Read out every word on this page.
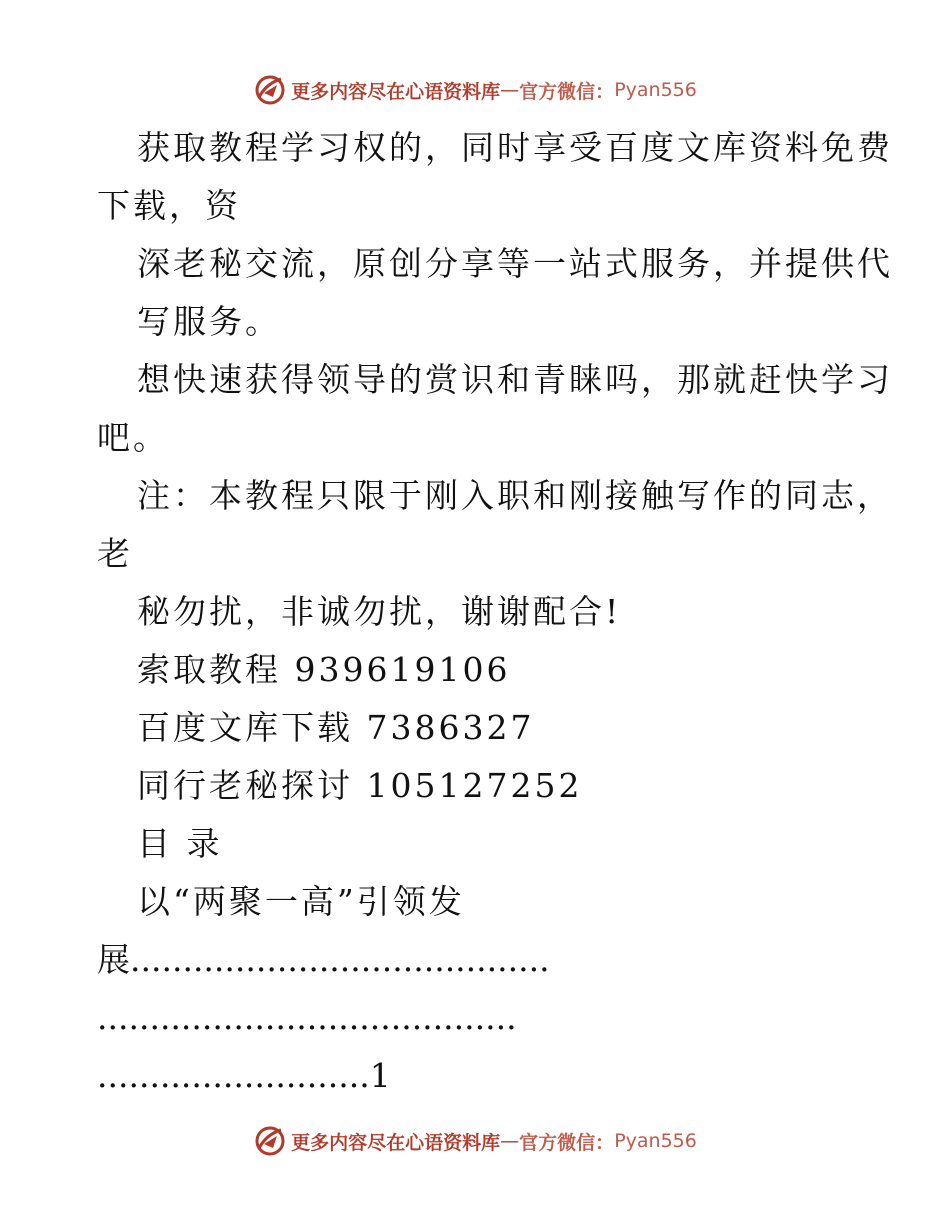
更多内容尽在心语资料库 — 官方微信： Pyan556
获取教程学习权的，同时享受百度文库资料免费
下载，资
深老秘交流，原创分享等一站式服务，并提供代
写服务。
想快速获得领导的赏识和青睐吗，那就赶快学习
吧。
注：本教程只限于刚入职和刚接触写作的同志，
老
秘勿扰，非诚勿扰，谢谢配合!
索取教程 939619106
百度文库下载 7386327
同行老秘探讨 105127252
目 录
以“两聚一高”引领发
展........................................
........................................
..........................1
更多内容尽在心语资料库 — 官方微信： Pyan556
